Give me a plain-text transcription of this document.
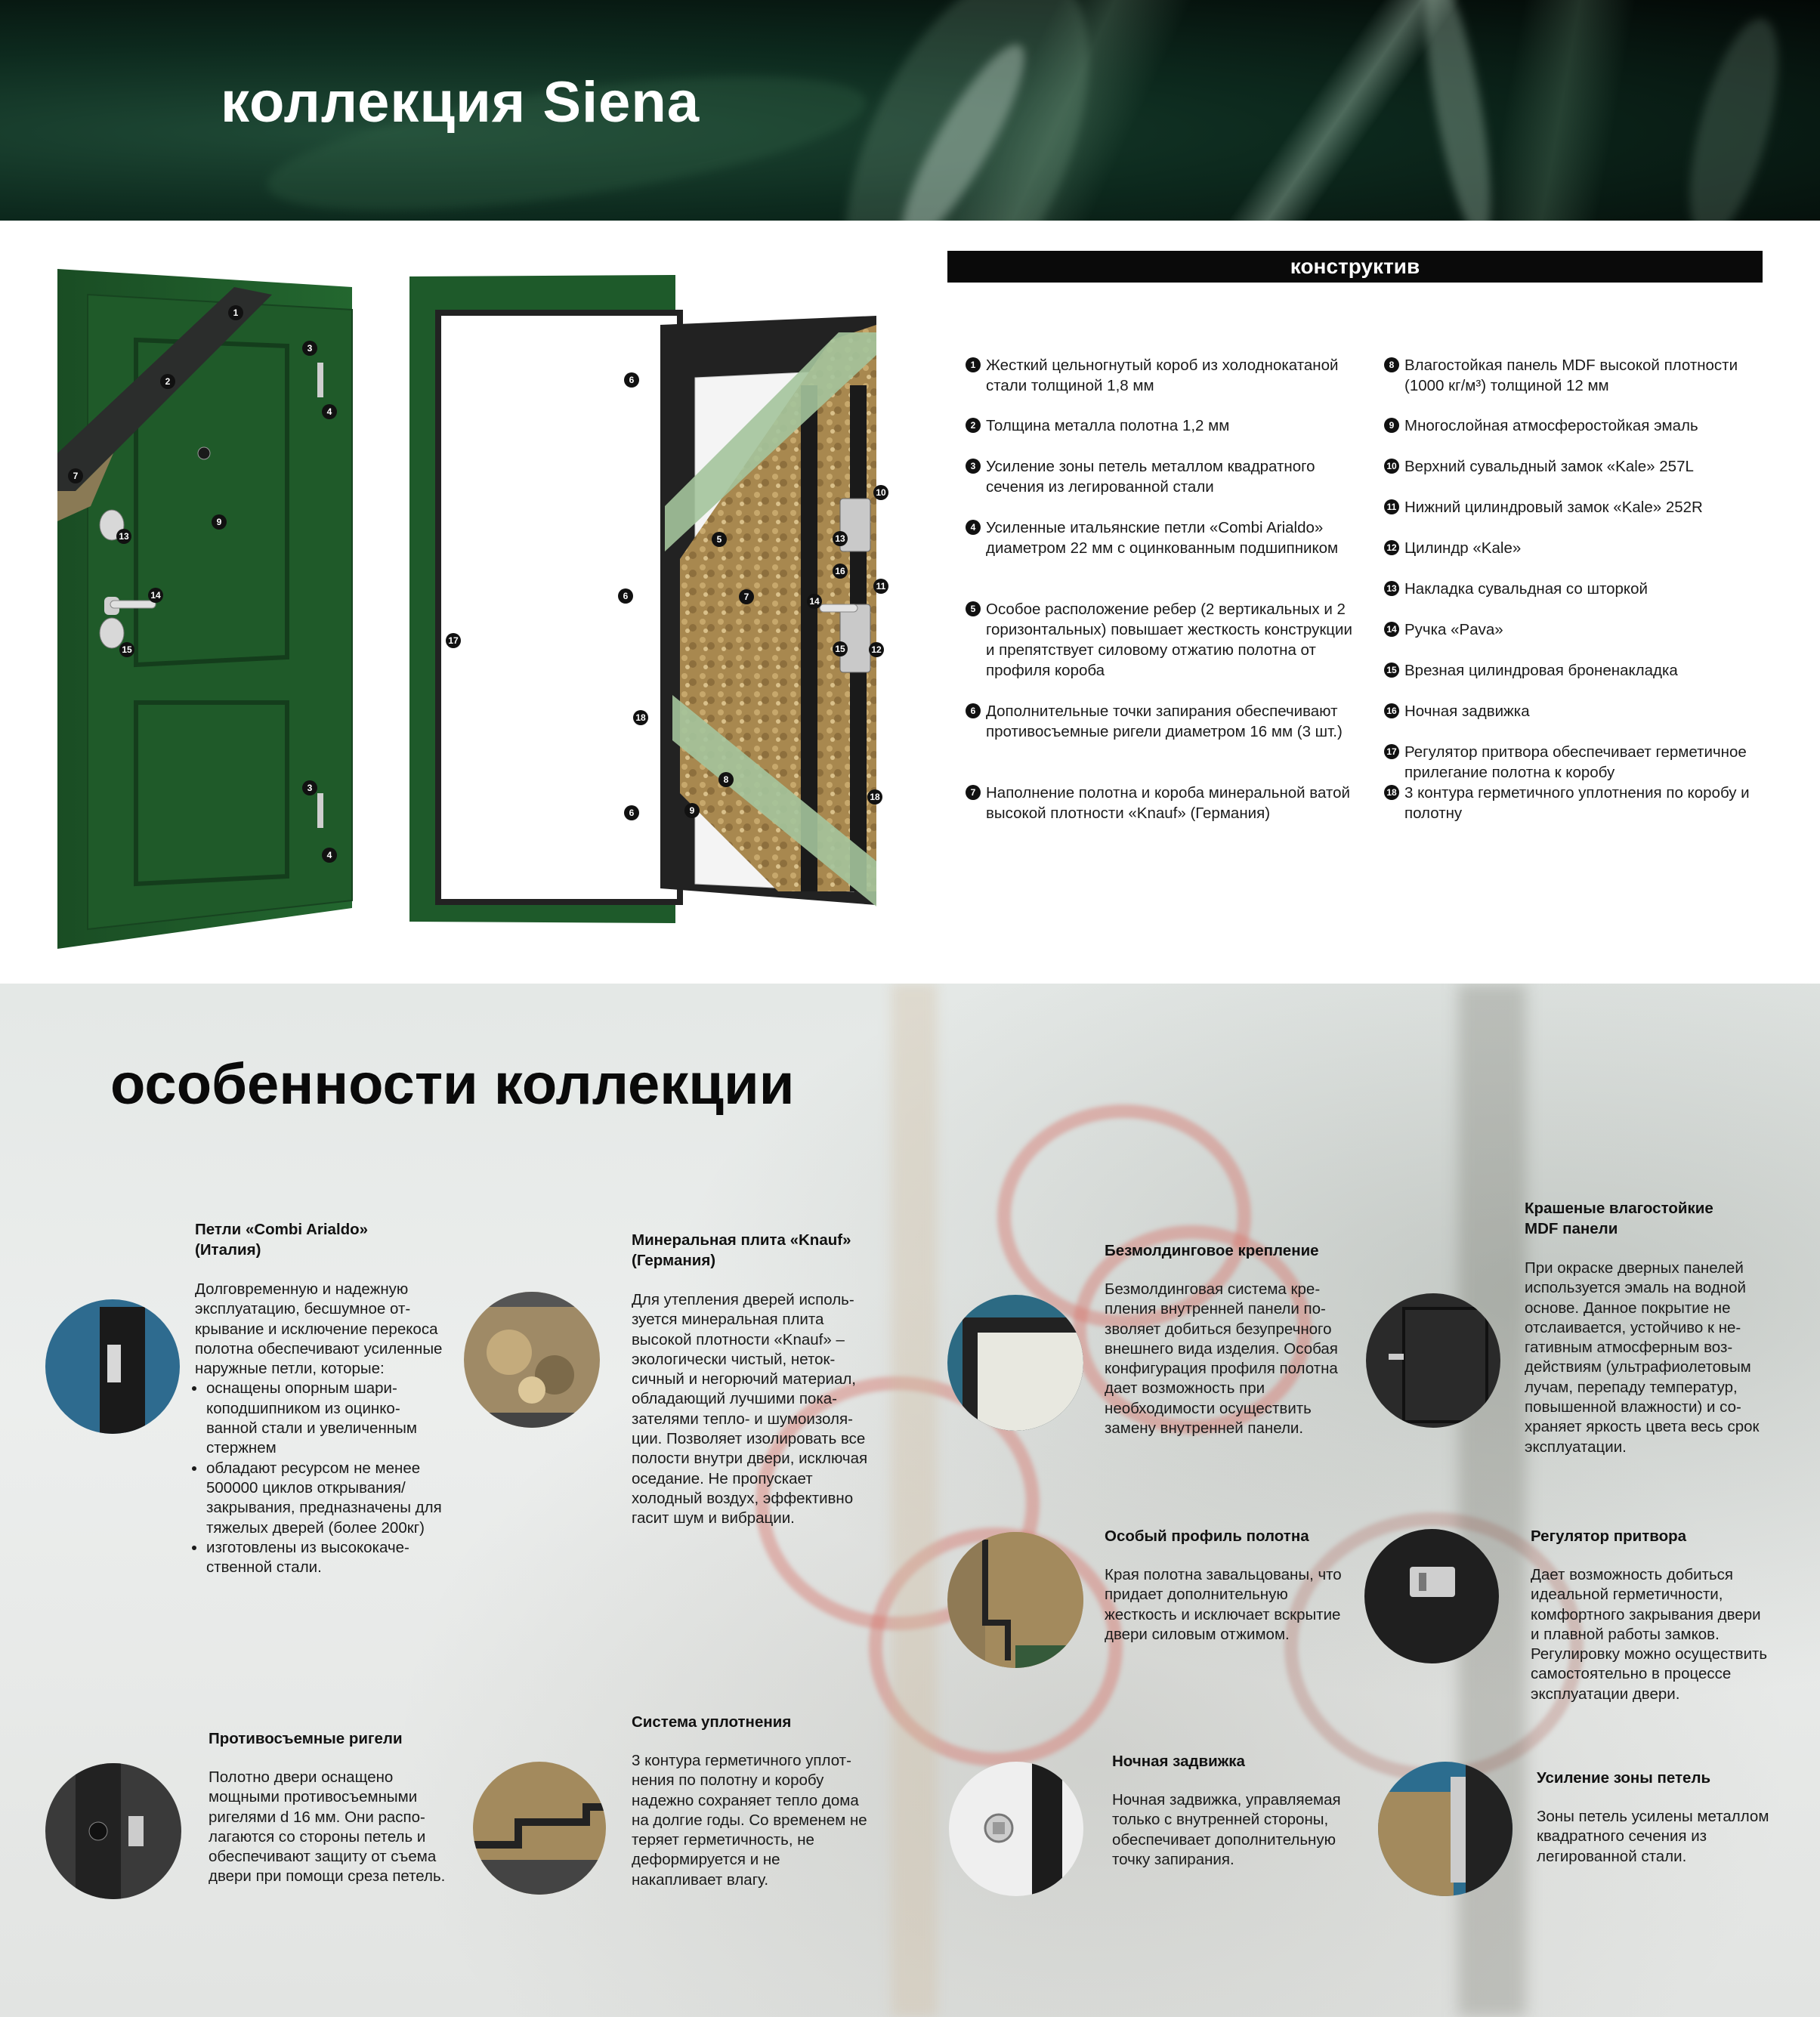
коллекция Siena
1
2
3
4
7
9
13
14
15
3
4
6
6
6
17
18
5
7
8
9
10
13
16
11
14
15	12
18
конструктив
1 Жесткий цельногнутый короб из холоднокатаной стали толщиной 1,8 мм
2 Толщина металла полотна 1,2 мм
3 Усиление зоны петель металлом квадратного сечения из легированной стали
4 Усиленные итальянские петли «Combi Arialdo» диаметром 22 мм с оцинкованным подшипником
5 Особое расположение ребер (2 вертикальных и 2 горизонтальных) повышает жесткость конструкции и препятствует силовому отжатию полотна от профиля короба
6 Дополнительные точки запирания обеспечивают противосъемные ригели диаметром 16 мм (3 шт.)
7 Наполнение полотна и короба минеральной ватой высокой плотности «Knauf» (Германия)
8 Влагостойкая панель MDF высокой плотности (1000 кг/м³) толщиной 12 мм
9 Многослойная атмосферостойкая эмаль
10 Верхний сувальдный замок «Kale» 257L
11 Нижний цилиндровый замок «Kale» 252R
12 Цилиндр «Kale»
13 Накладка сувальдная со шторкой
14 Ручка «Pava»
15 Врезная цилиндровая броненакладка
16 Ночная задвижка
17 Регулятор притвора обеспечивает герметичное прилегание полотна к коробу
18 3 контура герметичного уплотнения по коробу и полотну
особенности коллекции
Петли «Combi Arialdo» (Италия)
Долговременную и надежную эксплуатацию, бесшумное открывание и исключение перекоса полотна обеспечивают усиленные наружные петли, которые:
• оснащены опорным шарикоподшипником из оцинкованной стали и увеличенным стержнем
• обладают ресурсом не менее 500000 циклов открывания/закрывания, предназначены для тяжелых дверей (более 200кг)
• изготовлены из высококачественной стали.
Минеральная плита «Knauf» (Германия)
Для утепления дверей используется минеральная плита высокой плотности «Knauf» – экологически чистый, нетоксичный и негорючий материал, обладающий лучшими показателями тепло- и шумоизоляции. Позволяет изолировать все полости внутри двери, исключая оседание. Не пропускает холодный воздух, эффективно гасит шум и вибрации.
Безмолдинговое крепление
Безмолдинговая система крепления внутренней панели позволяет добиться безупречного внешнего вида изделия. Особая конфигурация профиля полотна дает возможность при необходимости осуществить замену внутренней панели.
Крашеные влагостойкие MDF панели
При окраске дверных панелей используется эмаль на водной основе. Данное покрытие не отслаивается, устойчиво к негативным атмосферным воздействиям (ультрафиолетовым лучам, перепаду температур, повышенной влажности) и сохраняет яркость цвета весь срок эксплуатации.
Особый профиль полотна
Края полотна завальцованы, что придает дополнительную жесткость и исключает вскрытие двери силовым отжимом.
Регулятор притвора
Дает возможность добиться идеальной герметичности, комфортного закрывания двери и плавной работы замков. Регулировку можно осуществить самостоятельно в процессе эксплуатации двери.
Противосъемные ригели
Полотно двери оснащено мощными противосъемными ригелями d 16 мм. Они располагаются со стороны петель и обеспечивают защиту от съема двери при помощи среза петель.
Система уплотнения
3 контура герметичного уплотнения по полотну и коробу надежно сохраняет тепло дома на долгие годы. Со временем не теряет герметичность, не деформируется и не накапливает влагу.
Ночная задвижка
Ночная задвижка, управляемая только с внутренней стороны, обеспечивает дополнительную точку запирания.
Усиление зоны петель
Зоны петель усилены металлом квадратного сечения из легированной стали.
